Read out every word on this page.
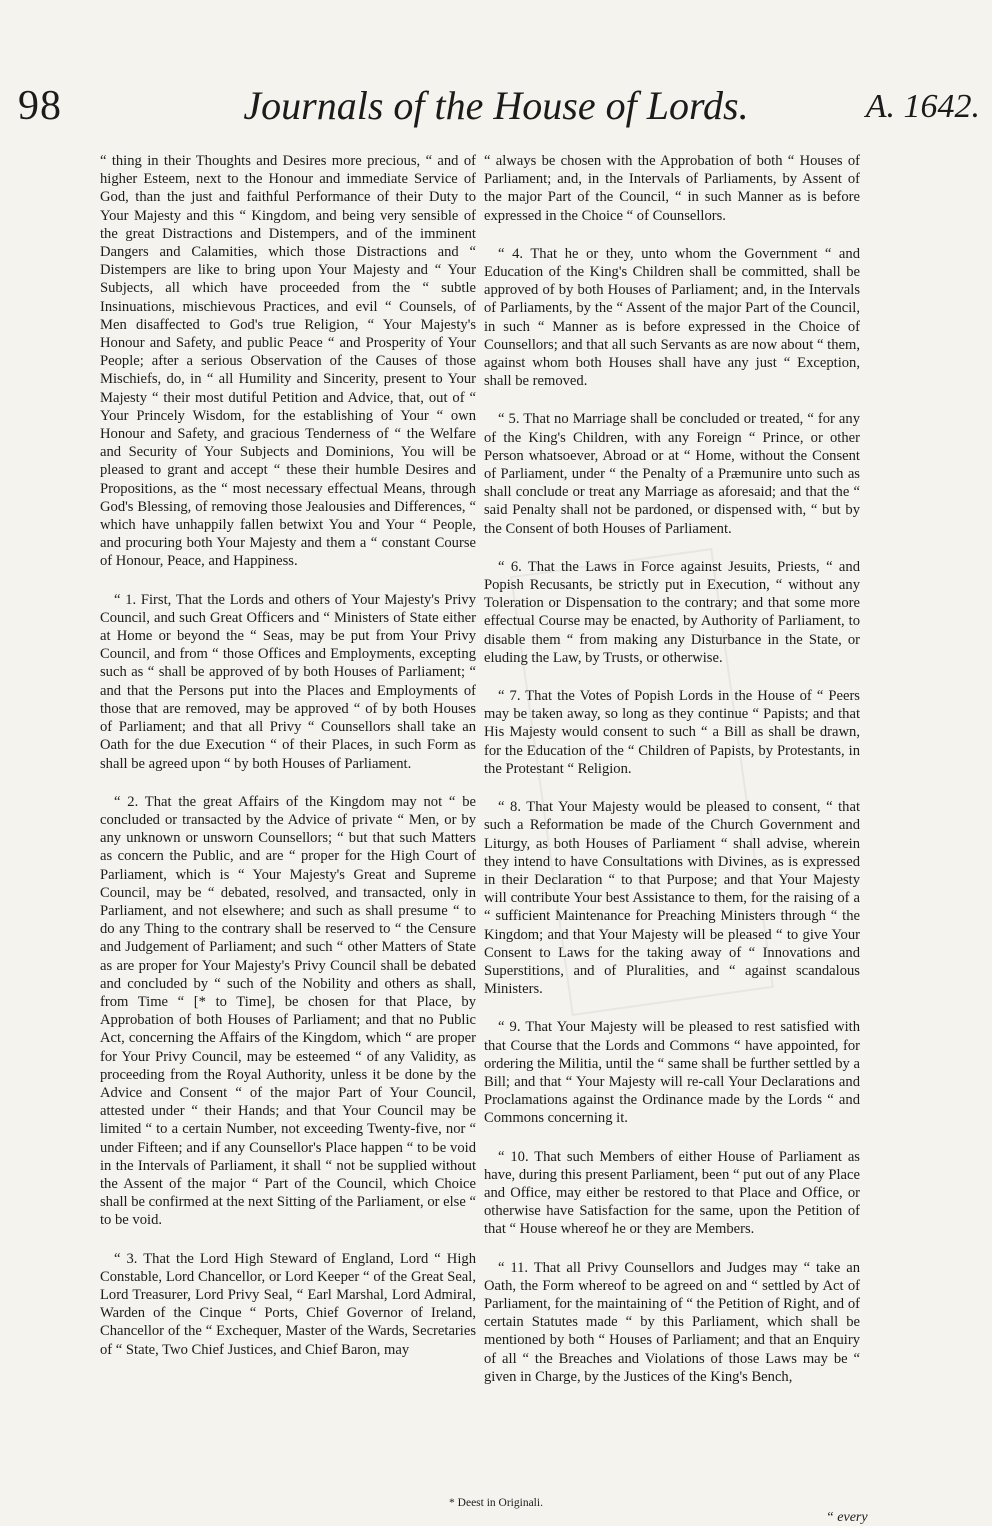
98	Journals of the House of Lords.	A. 1642.

“ thing in their Thoughts and Desires more precious, “ and of higher Esteem, next to the Honour and immediate Service of God, than the just and faithful Performance of their Duty to Your Majesty and this “ Kingdom, and being very sensible of the great Distractions and Distempers, and of the imminent Dangers and Calamities, which those Distractions and “ Distempers are like to bring upon Your Majesty and “ Your Subjects, all which have proceeded from the “ subtle Insinuations, mischievous Practices, and evil “ Counsels, of Men disaffected to God's true Religion, “ Your Majesty's Honour and Safety, and public Peace “ and Prosperity of Your People; after a serious Observation of the Causes of those Mischiefs, do, in “ all Humility and Sincerity, present to Your Majesty “ their most dutiful Petition and Advice, that, out of “ Your Princely Wisdom, for the establishing of Your “ own Honour and Safety, and gracious Tenderness of “ the Welfare and Security of Your Subjects and Dominions, You will be pleased to grant and accept “ these their humble Desires and Propositions, as the “ most necessary effectual Means, through God's Blessing, of removing those Jealousies and Differences, “ which have unhappily fallen betwixt You and Your “ People, and procuring both Your Majesty and them a “ constant Course of Honour, Peace, and Happiness.

“ 1. First, That the Lords and others of Your Majesty's Privy Council, and such Great Officers and “ Ministers of State either at Home or beyond the “ Seas, may be put from Your Privy Council, and from “ those Offices and Employments, excepting such as “ shall be approved of by both Houses of Parliament; “ and that the Persons put into the Places and Employments of those that are removed, may be approved “ of by both Houses of Parliament; and that all Privy “ Counsellors shall take an Oath for the due Execution “ of their Places, in such Form as shall be agreed upon “ by both Houses of Parliament.

“ 2. That the great Affairs of the Kingdom may not “ be concluded or transacted by the Advice of private “ Men, or by any unknown or unsworn Counsellors; “ but that such Matters as concern the Public, and are “ proper for the High Court of Parliament, which is “ Your Majesty's Great and Supreme Council, may be “ debated, resolved, and transacted, only in Parliament, and not elsewhere; and such as shall presume “ to do any Thing to the contrary shall be reserved to “ the Censure and Judgement of Parliament; and such “ other Matters of State as are proper for Your Majesty's Privy Council shall be debated and concluded by “ such of the Nobility and others as shall, from Time “ [* to Time], be chosen for that Place, by Approbation of both Houses of Parliament; and that no Public Act, concerning the Affairs of the Kingdom, which “ are proper for Your Privy Council, may be esteemed “ of any Validity, as proceeding from the Royal Authority, unless it be done by the Advice and Consent “ of the major Part of Your Council, attested under “ their Hands; and that Your Council may be limited “ to a certain Number, not exceeding Twenty-five, nor “ under Fifteen; and if any Counsellor's Place happen “ to be void in the Intervals of Parliament, it shall “ not be supplied without the Assent of the major “ Part of the Council, which Choice shall be confirmed at the next Sitting of the Parliament, or else “ to be void.

“ 3. That the Lord High Steward of England, Lord “ High Constable, Lord Chancellor, or Lord Keeper “ of the Great Seal, Lord Treasurer, Lord Privy Seal, “ Earl Marshal, Lord Admiral, Warden of the Cinque “ Ports, Chief Governor of Ireland, Chancellor of the “ Exchequer, Master of the Wards, Secretaries of “ State, Two Chief Justices, and Chief Baron, may

“ always be chosen with the Approbation of both “ Houses of Parliament; and, in the Intervals of Parliaments, by Assent of the major Part of the Council, “ in such Manner as is before expressed in the Choice “ of Counsellors.

“ 4. That he or they, unto whom the Government “ and Education of the King's Children shall be committed, shall be approved of by both Houses of Parliament; and, in the Intervals of Parliaments, by the “ Assent of the major Part of the Council, in such “ Manner as is before expressed in the Choice of Counsellors; and that all such Servants as are now about “ them, against whom both Houses shall have any just “ Exception, shall be removed.

“ 5. That no Marriage shall be concluded or treated, “ for any of the King's Children, with any Foreign “ Prince, or other Person whatsoever, Abroad or at “ Home, without the Consent of Parliament, under “ the Penalty of a Præmunire unto such as shall conclude or treat any Marriage as aforesaid; and that the “ said Penalty shall not be pardoned, or dispensed with, “ but by the Consent of both Houses of Parliament.

“ 6. That the Laws in Force against Jesuits, Priests, “ and Popish Recusants, be strictly put in Execution, “ without any Toleration or Dispensation to the contrary; and that some more effectual Course may be enacted, by Authority of Parliament, to disable them “ from making any Disturbance in the State, or eluding the Law, by Trusts, or otherwise.

“ 7. That the Votes of Popish Lords in the House of “ Peers may be taken away, so long as they continue “ Papists; and that His Majesty would consent to such “ a Bill as shall be drawn, for the Education of the “ Children of Papists, by Protestants, in the Protestant “ Religion.

“ 8. That Your Majesty would be pleased to consent, “ that such a Reformation be made of the Church Government and Liturgy, as both Houses of Parliament “ shall advise, wherein they intend to have Consultations with Divines, as is expressed in their Declaration “ to that Purpose; and that Your Majesty will contribute Your best Assistance to them, for the raising of a “ sufficient Maintenance for Preaching Ministers through “ the Kingdom; and that Your Majesty will be pleased “ to give Your Consent to Laws for the taking away of “ Innovations and Superstitions, and of Pluralities, and “ against scandalous Ministers.

“ 9. That Your Majesty will be pleased to rest satisfied with that Course that the Lords and Commons “ have appointed, for ordering the Militia, until the “ same shall be further settled by a Bill; and that “ Your Majesty will re-call Your Declarations and Proclamations against the Ordinance made by the Lords “ and Commons concerning it.

“ 10. That such Members of either House of Parliament as have, during this present Parliament, been “ put out of any Place and Office, may either be restored to that Place and Office, or otherwise have Satisfaction for the same, upon the Petition of that “ House whereof he or they are Members.

“ 11. That all Privy Counsellors and Judges may “ take an Oath, the Form whereof to be agreed on and “ settled by Act of Parliament, for the maintaining of “ the Petition of Right, and of certain Statutes made “ by this Parliament, which shall be mentioned by both “ Houses of Parliament; and that an Enquiry of all “ the Breaches and Violations of those Laws may be “ given in Charge, by the Justices of the King's Bench,

* Deest in Originali.
“ every
